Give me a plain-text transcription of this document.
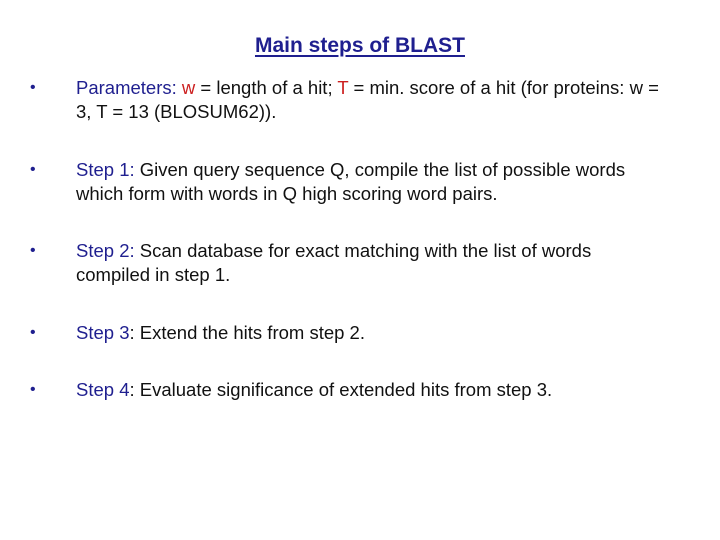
Main steps of BLAST
• Parameters: w = length of a hit; T = min. score of a hit (for proteins: w = 3, T = 13 (BLOSUM62)).
• Step 1: Given query sequence Q, compile the list of possible words which form with words in Q high scoring word pairs.
• Step 2: Scan database for exact matching with the list of words compiled in step 1.
• Step 3: Extend the hits from step 2.
• Step 4: Evaluate significance of extended hits from step 3.
